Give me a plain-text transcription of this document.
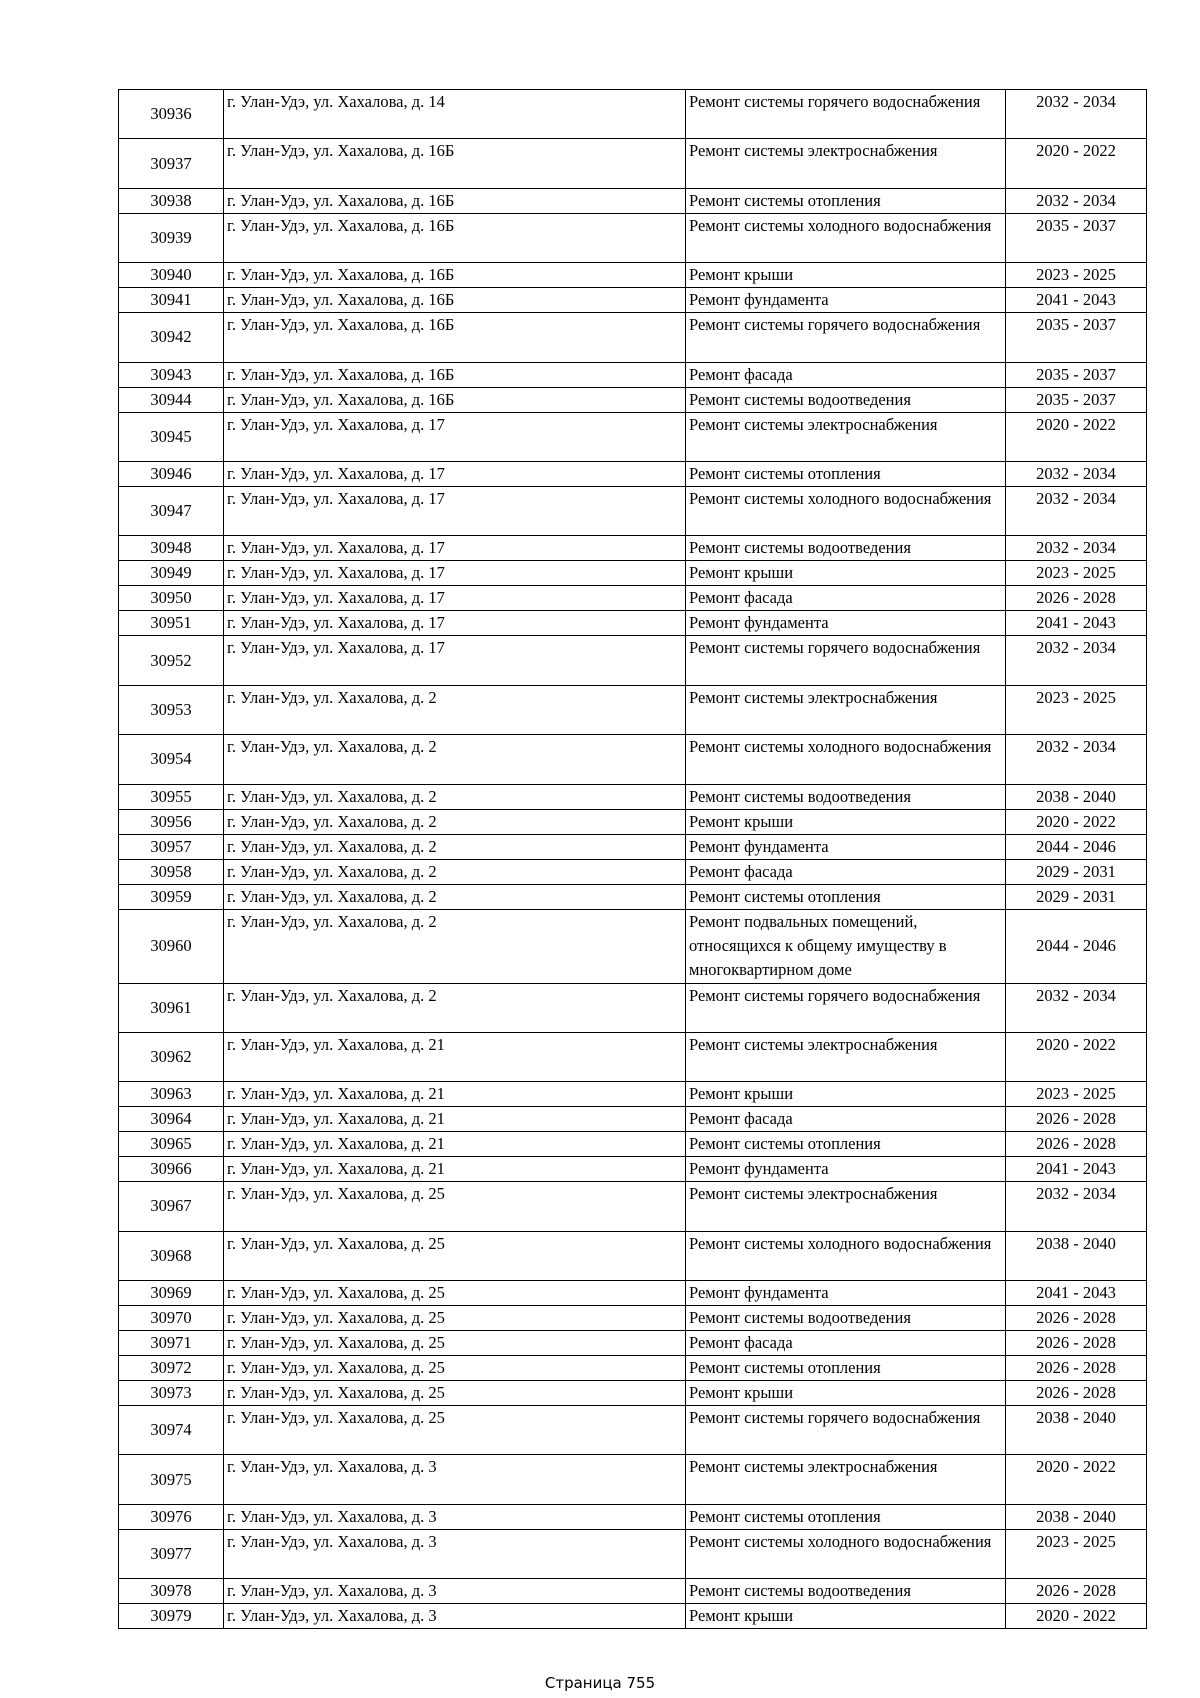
30936	г. Улан-Удэ, ул. Хахалова, д. 14	Ремонт системы горячего водоснабжения	2032 - 2034
30937	г. Улан-Удэ, ул. Хахалова, д. 16Б	Ремонт системы электроснабжения	2020 - 2022
30938	г. Улан-Удэ, ул. Хахалова, д. 16Б	Ремонт системы отопления	2032 - 2034
30939	г. Улан-Удэ, ул. Хахалова, д. 16Б	Ремонт системы холодного водоснабжения	2035 - 2037
30940	г. Улан-Удэ, ул. Хахалова, д. 16Б	Ремонт крыши	2023 - 2025
30941	г. Улан-Удэ, ул. Хахалова, д. 16Б	Ремонт фундамента	2041 - 2043
30942	г. Улан-Удэ, ул. Хахалова, д. 16Б	Ремонт системы горячего водоснабжения	2035 - 2037
30943	г. Улан-Удэ, ул. Хахалова, д. 16Б	Ремонт фасада	2035 - 2037
30944	г. Улан-Удэ, ул. Хахалова, д. 16Б	Ремонт системы водоотведения	2035 - 2037
30945	г. Улан-Удэ, ул. Хахалова, д. 17	Ремонт системы электроснабжения	2020 - 2022
30946	г. Улан-Удэ, ул. Хахалова, д. 17	Ремонт системы отопления	2032 - 2034
30947	г. Улан-Удэ, ул. Хахалова, д. 17	Ремонт системы холодного водоснабжения	2032 - 2034
30948	г. Улан-Удэ, ул. Хахалова, д. 17	Ремонт системы водоотведения	2032 - 2034
30949	г. Улан-Удэ, ул. Хахалова, д. 17	Ремонт крыши	2023 - 2025
30950	г. Улан-Удэ, ул. Хахалова, д. 17	Ремонт фасада	2026 - 2028
30951	г. Улан-Удэ, ул. Хахалова, д. 17	Ремонт фундамента	2041 - 2043
30952	г. Улан-Удэ, ул. Хахалова, д. 17	Ремонт системы горячего водоснабжения	2032 - 2034
30953	г. Улан-Удэ, ул. Хахалова, д. 2	Ремонт системы электроснабжения	2023 - 2025
30954	г. Улан-Удэ, ул. Хахалова, д. 2	Ремонт системы холодного водоснабжения	2032 - 2034
30955	г. Улан-Удэ, ул. Хахалова, д. 2	Ремонт системы водоотведения	2038 - 2040
30956	г. Улан-Удэ, ул. Хахалова, д. 2	Ремонт крыши	2020 - 2022
30957	г. Улан-Удэ, ул. Хахалова, д. 2	Ремонт фундамента	2044 - 2046
30958	г. Улан-Удэ, ул. Хахалова, д. 2	Ремонт фасада	2029 - 2031
30959	г. Улан-Удэ, ул. Хахалова, д. 2	Ремонт системы отопления	2029 - 2031
30960	г. Улан-Удэ, ул. Хахалова, д. 2	Ремонт подвальных помещений, относящихся к общему имуществу в многоквартирном доме	2044 - 2046
30961	г. Улан-Удэ, ул. Хахалова, д. 2	Ремонт системы горячего водоснабжения	2032 - 2034
30962	г. Улан-Удэ, ул. Хахалова, д. 21	Ремонт системы электроснабжения	2020 - 2022
30963	г. Улан-Удэ, ул. Хахалова, д. 21	Ремонт крыши	2023 - 2025
30964	г. Улан-Удэ, ул. Хахалова, д. 21	Ремонт фасада	2026 - 2028
30965	г. Улан-Удэ, ул. Хахалова, д. 21	Ремонт системы отопления	2026 - 2028
30966	г. Улан-Удэ, ул. Хахалова, д. 21	Ремонт фундамента	2041 - 2043
30967	г. Улан-Удэ, ул. Хахалова, д. 25	Ремонт системы электроснабжения	2032 - 2034
30968	г. Улан-Удэ, ул. Хахалова, д. 25	Ремонт системы холодного водоснабжения	2038 - 2040
30969	г. Улан-Удэ, ул. Хахалова, д. 25	Ремонт фундамента	2041 - 2043
30970	г. Улан-Удэ, ул. Хахалова, д. 25	Ремонт системы водоотведения	2026 - 2028
30971	г. Улан-Удэ, ул. Хахалова, д. 25	Ремонт фасада	2026 - 2028
30972	г. Улан-Удэ, ул. Хахалова, д. 25	Ремонт системы отопления	2026 - 2028
30973	г. Улан-Удэ, ул. Хахалова, д. 25	Ремонт крыши	2026 - 2028
30974	г. Улан-Удэ, ул. Хахалова, д. 25	Ремонт системы горячего водоснабжения	2038 - 2040
30975	г. Улан-Удэ, ул. Хахалова, д. 3	Ремонт системы электроснабжения	2020 - 2022
30976	г. Улан-Удэ, ул. Хахалова, д. 3	Ремонт системы отопления	2038 - 2040
30977	г. Улан-Удэ, ул. Хахалова, д. 3	Ремонт системы холодного водоснабжения	2023 - 2025
30978	г. Улан-Удэ, ул. Хахалова, д. 3	Ремонт системы водоотведения	2026 - 2028
30979	г. Улан-Удэ, ул. Хахалова, д. 3	Ремонт крыши	2020 - 2022
Страница 755
